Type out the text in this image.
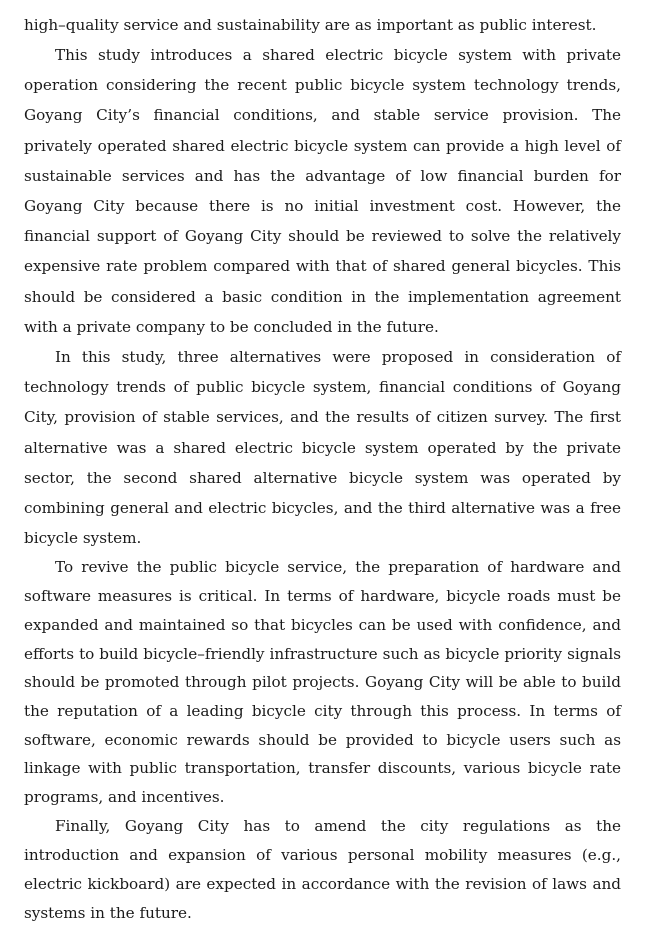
high–quality service and sustainability are as important as public interest.

This study introduces a shared electric bicycle system with private operation considering the recent public bicycle system technology trends, Goyang City’s financial conditions, and stable service provision. The privately operated shared electric bicycle system can provide a high level of sustainable services and has the advantage of low financial burden for Goyang City because there is no initial investment cost. However, the financial support of Goyang City should be reviewed to solve the relatively expensive rate problem compared with that of shared general bicycles. This should be considered a basic condition in the implementation agreement with a private company to be concluded in the future.

In this study, three alternatives were proposed in consideration of technology trends of public bicycle system, financial conditions of Goyang City, provision of stable services, and the results of citizen survey. The first alternative was a shared electric bicycle system operated by the private sector, the second shared alternative bicycle system was operated by combining general and electric bicycles, and the third alternative was a free bicycle system.

To revive the public bicycle service, the preparation of hardware and software measures is critical. In terms of hardware, bicycle roads must be expanded and maintained so that bicycles can be used with confidence, and efforts to build bicycle–friendly infrastructure such as bicycle priority signals should be promoted through pilot projects. Goyang City will be able to build the reputation of a leading bicycle city through this process. In terms of software, economic rewards should be provided to bicycle users such as linkage with public transportation, transfer discounts, various bicycle rate programs, and incentives.

Finally, Goyang City has to amend the city regulations as the introduction and expansion of various personal mobility measures (e.g., electric kickboard) are expected in accordance with the revision of laws and systems in the future.
